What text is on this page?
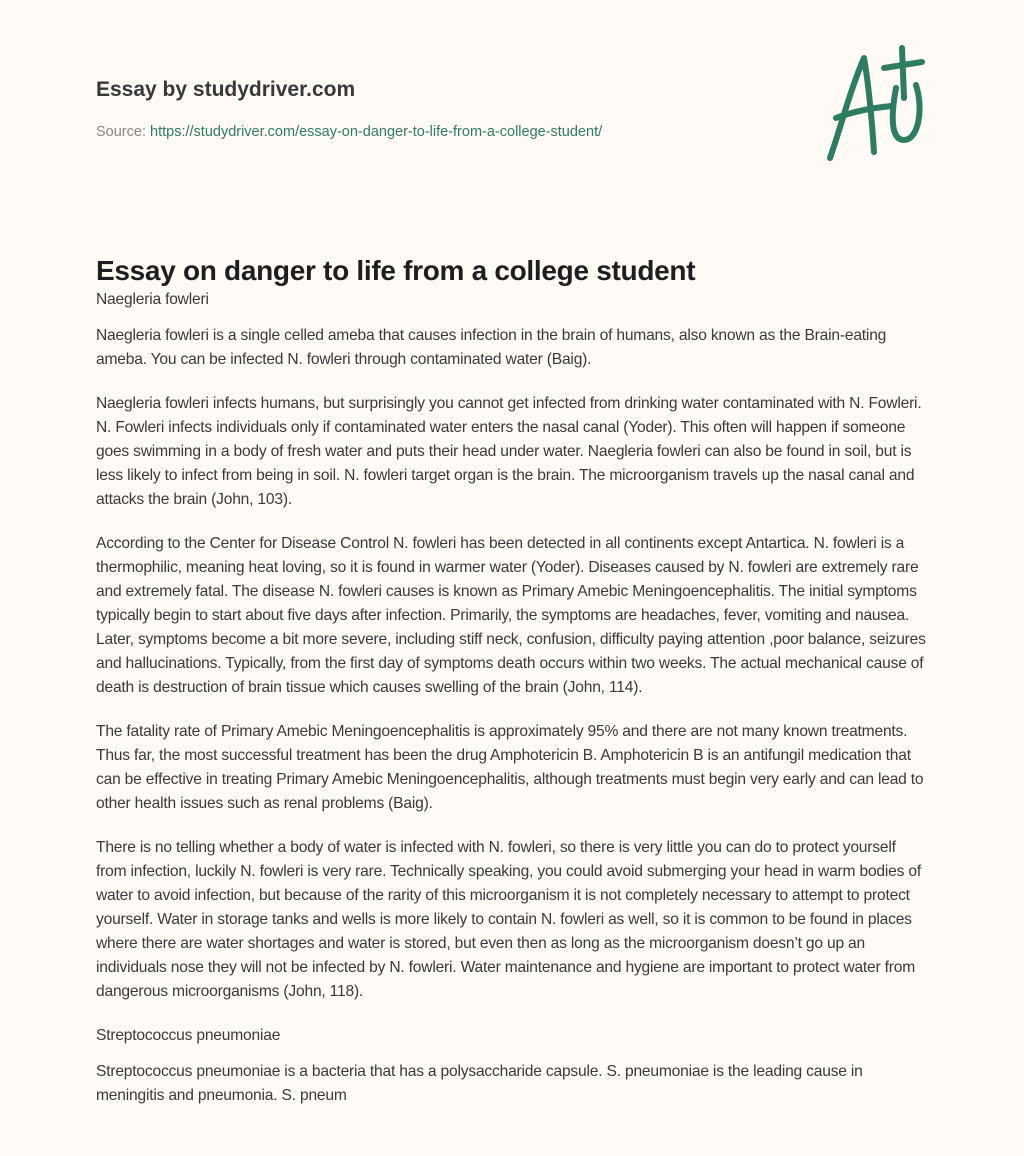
Essay by studydriver.com
Source: https://studydriver.com/essay-on-danger-to-life-from-a-college-student/
Essay on danger to life from a college student

Naegleria fowleri

Naegleria fowleri is a single celled ameba that causes infection in the brain of humans, also known as the Brain-eating ameba. You can be infected N. fowleri through contaminated water (Baig).

Naegleria fowleri infects humans, but surprisingly you cannot get infected from drinking water contaminated with N. Fowleri. N. Fowleri infects individuals only if contaminated water enters the nasal canal (Yoder). This often will happen if someone goes swimming in a body of fresh water and puts their head under water. Naegleria fowleri can also be found in soil, but is less likely to infect from being in soil. N. fowleri target organ is the brain. The microorganism travels up the nasal canal and attacks the brain (John, 103).

According to the Center for Disease Control N. fowleri has been detected in all continents except Antartica. N. fowleri is a thermophilic, meaning heat loving, so it is found in warmer water (Yoder). Diseases caused by N. fowleri are extremely rare and extremely fatal. The disease N. fowleri causes is known as Primary Amebic Meningoencephalitis. The initial symptoms typically begin to start about five days after infection. Primarily, the symptoms are headaches, fever, vomiting and nausea. Later, symptoms become a bit more severe, including stiff neck, confusion, difficulty paying attention ,poor balance, seizures and hallucinations. Typically, from the first day of symptoms death occurs within two weeks. The actual mechanical cause of death is destruction of brain tissue which causes swelling of the brain (John, 114).

The fatality rate of Primary Amebic Meningoencephalitis is approximately 95% and there are not many known treatments. Thus far, the most successful treatment has been the drug Amphotericin B. Amphotericin B is an antifungil medication that can be effective in treating Primary Amebic Meningoencephalitis, although treatments must begin very early and can lead to other health issues such as renal problems (Baig).

There is no telling whether a body of water is infected with N. fowleri, so there is very little you can do to protect yourself from infection, luckily N. fowleri is very rare. Technically speaking, you could avoid submerging your head in warm bodies of water to avoid infection, but because of the rarity of this microorganism it is not completely necessary to attempt to protect yourself. Water in storage tanks and wells is more likely to contain N. fowleri as well, so it is common to be found in places where there are water shortages and water is stored, but even then as long as the microorganism doesn’t go up an individuals nose they will not be infected by N. fowleri. Water maintenance and hygiene are important to protect water from dangerous microorganisms (John, 118).

Streptococcus pneumoniae

Streptococcus pneumoniae is a bacteria that has a polysaccharide capsule. S. pneumoniae is the leading cause in meningitis and pneumonia. S. pneum
